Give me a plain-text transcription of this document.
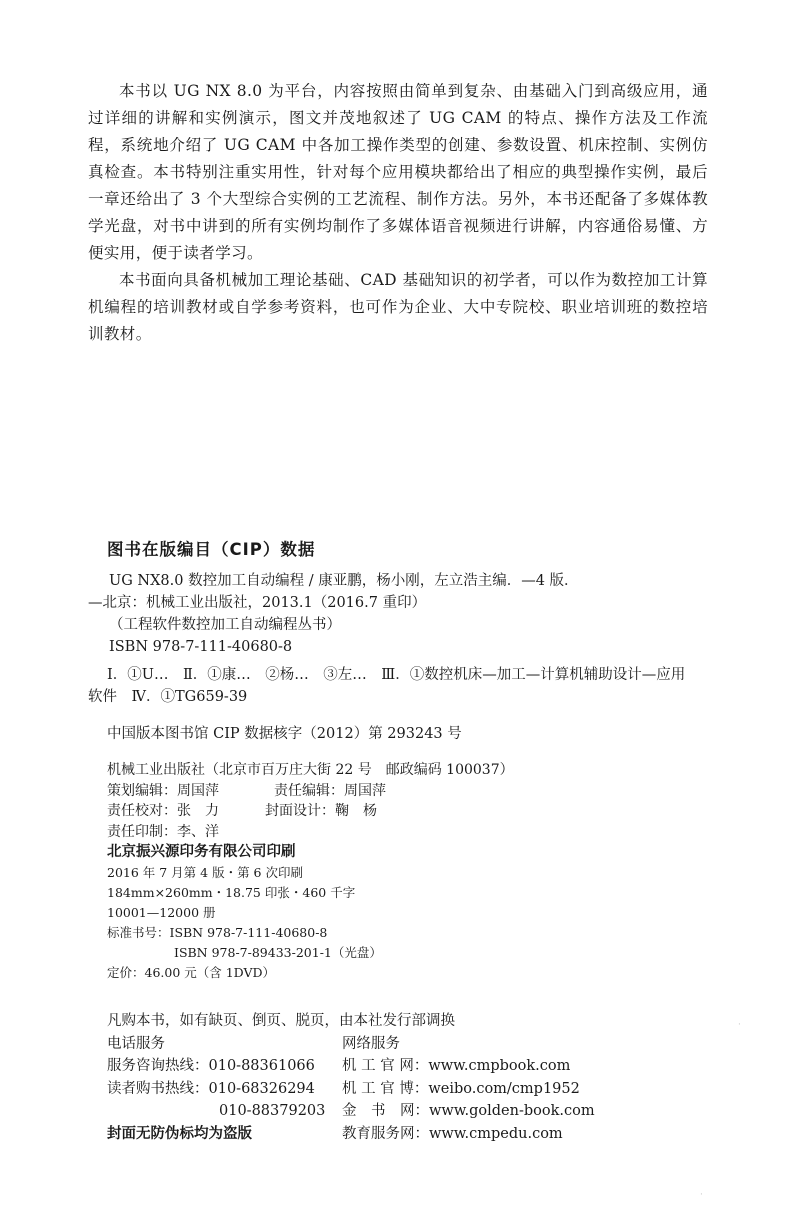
本书以 UG NX 8.0 为平台，内容按照由简单到复杂、由基础入门到高级应用，通过详细的讲解和实例演示，图文并茂地叙述了 UG CAM 的特点、操作方法及工作流程，系统地介绍了 UG CAM 中各加工操作类型的创建、参数设置、机床控制、实例仿真检查。本书特别注重实用性，针对每个应用模块都给出了相应的典型操作实例，最后一章还给出了 3 个大型综合实例的工艺流程、制作方法。另外，本书还配备了多媒体教学光盘，对书中讲到的所有实例均制作了多媒体语音视频进行讲解，内容通俗易懂、方便实用，便于读者学习。

本书面向具备机械加工理论基础、CAD 基础知识的初学者，可以作为数控加工计算机编程的培训教材或自学参考资料，也可作为企业、大中专院校、职业培训班的数控培训教材。

图书在版编目（CIP）数据
UG NX8.0 数控加工自动编程 / 康亚鹏，杨小刚，左立浩主编．—4 版．
—北京：机械工业出版社，2013.1（2016.7 重印）
（工程软件数控加工自动编程丛书）
ISBN 978-7-111-40680-8
Ⅰ．①U…　Ⅱ．①康…　②杨…　③左…　Ⅲ．①数控机床—加工—计算机辅助设计—应用软件　Ⅳ．①TG659-39
中国版本图书馆 CIP 数据核字（2012）第 293243 号
机械工业出版社（北京市百万庄大街 22 号　邮政编码 100037）
策划编辑：周国萍	责任编辑：周国萍
责任校对：张　力	封面设计：鞠　杨
责任印制：李、洋
北京振兴源印务有限公司印刷
2016 年 7 月第 4 版・第 6 次印刷
184mm×260mm・18.75 印张・460 千字
10001—12000 册
标准书号：ISBN 978-7-111-40680-8
ISBN 978-7-89433-201-1（光盘）
定价：46.00 元（含 1DVD）
凡购本书，如有缺页、倒页、脱页，由本社发行部调换
电话服务	网络服务
服务咨询热线：010-88361066	机 工 官 网：www.cmpbook.com
读者购书热线：010-68326294	机 工 官 博：weibo.com/cmp1952
010-88379203	金　书　网：www.golden-book.com
封面无防伪标均为盗版	教育服务网：www.cmpedu.com
·
·
